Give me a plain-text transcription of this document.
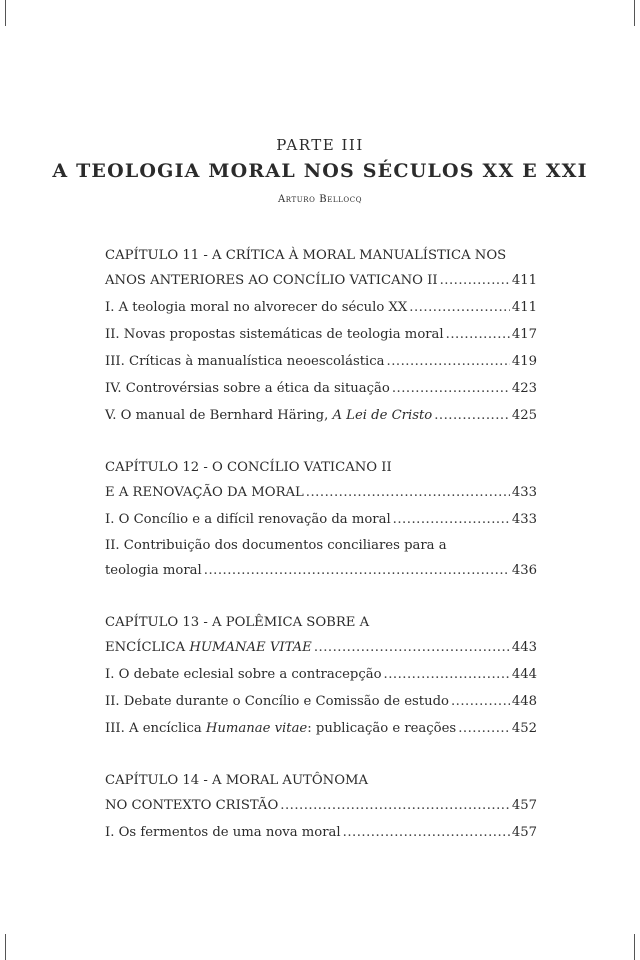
PARTE III
A TEOLOGIA MORAL NOS SÉCULOS XX E XXI
Arturo Bellocq
CAPÍTULO 11 - A CRÍTICA À MORAL MANUALÍSTICA NOS
ANOS ANTERIORES AO CONCÍLIO VATICANO II .....	411
I. A teologia moral no alvorecer do século XX .....	411
II. Novas propostas sistemáticas de teologia moral .....	417
III. Críticas à manualística neoescolástica .....	419
IV. Controvérsias sobre a ética da situação .....	423
V. O manual de Bernhard Häring, A Lei de Cristo .....	425
CAPÍTULO 12 - O CONCÍLIO VATICANO II
E A RENOVAÇÃO DA MORAL .....	433
I. O Concílio e a difícil renovação da moral .....	433
II. Contribuição dos documentos conciliares para a
teologia moral .....	436
CAPÍTULO 13 - A POLÊMICA SOBRE A
ENCÍCLICA HUMANAE VITAE .....	443
I. O debate eclesial sobre a contracepção .....	444
II. Debate durante o Concílio e Comissão de estudo .....	448
III. A encíclica Humanae vitae: publicação e reações .....	452
CAPÍTULO 14 - A MORAL AUTÔNOMA
NO CONTEXTO CRISTÃO .....	457
I. Os fermentos de uma nova moral .....	457
